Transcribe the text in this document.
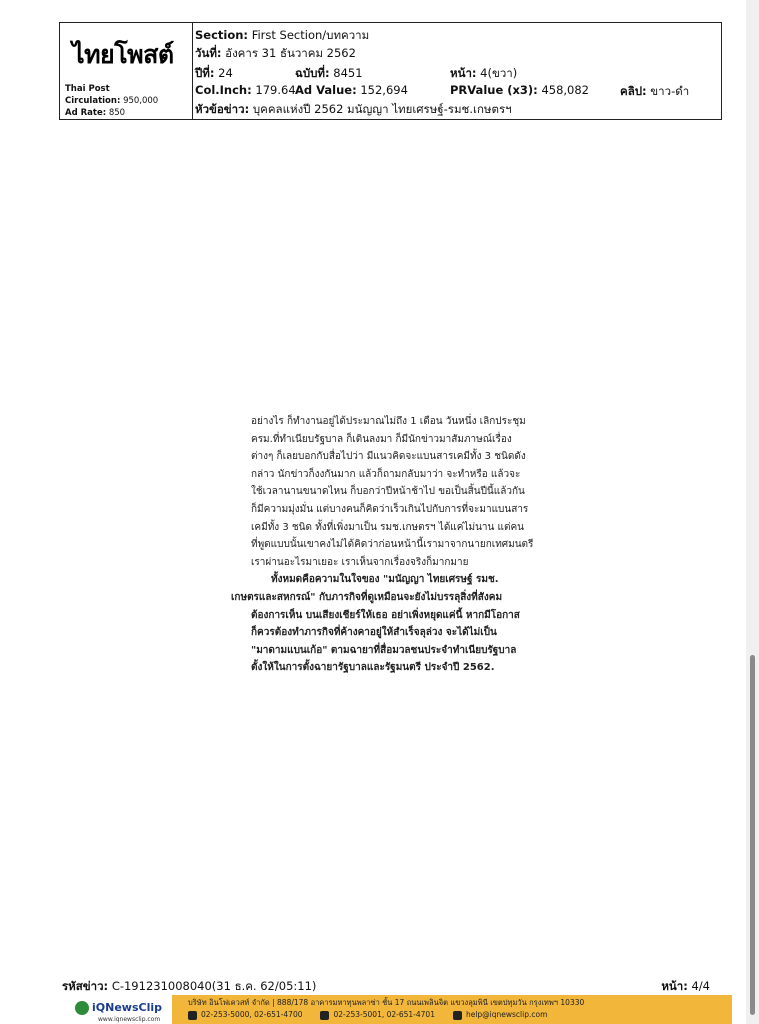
ไทยโพสต์
Thai Post
Circulation: 950,000
Ad Rate: 850
Section: First Section/บทความ
วันที่: อังคาร 31 ธันวาคม 2562
ปีที่: 24	ฉบับที่: 8451	หน้า: 4(ขวา)
Col.Inch: 179.64 Ad Value: 152,694	PRValue (x3): 458,082	คลิป: ขาว-ดำ
หัวข้อข่าว: บุคคลแห่งปี 2562 มนัญญา ไทยเศรษฐ์-รมช.เกษตรฯ
อย่างไร ก็ทำงานอยู่ได้ประมาณไม่ถึง 1 เดือน วันหนึ่ง เลิกประชุม
ครม.ที่ทำเนียบรัฐบาล ก็เดินลงมา ก็มีนักข่าวมาสัมภาษณ์เรื่อง
ต่างๆ ก็เลยบอกกับสื่อไปว่า มีแนวคิดจะแบนสารเคมีทั้ง 3 ชนิดดัง
กล่าว นักข่าวก็งงกันมาก แล้วก็ถามกลับมาว่า จะทำหรือ แล้วจะ
ใช้เวลานานขนาดไหน ก็บอกว่าปีหน้าช้าไป ขอเป็นสิ้นปีนี้แล้วกัน
ก็มีความมุ่งมั่น แต่บางคนก็คิดว่าเร็วเกินไปกับการที่จะมาแบนสาร
เคมีทั้ง 3 ชนิด ทั้งที่เพิ่งมาเป็น รมช.เกษตรฯ ได้แค่ไม่นาน แต่คน
ที่พูดแบบนั้นเขาคงไม่ได้คิดว่าก่อนหน้านี้เรามาจากนายกเทศมนตรี
เราผ่านอะไรมาเยอะ เราเห็นจากเรื่องจริงก็มากมาย
ทั้งหมดคือความในใจของ "มนัญญา ไทยเศรษฐ์ รมช.
เกษตรและสหกรณ์" กับภารกิจที่ดูเหมือนจะยังไม่บรรลุสิ่งที่สังคม
ต้องการเห็น บนเสียงเชียร์ให้เธอ อย่าเพิ่งหยุดแค่นี้ หากมีโอกาส
ก็ควรต้องทำภารกิจที่ค้างคาอยู่ให้สำเร็จลุล่วง จะได้ไม่เป็น
"มาดามแบนเก้อ" ตามฉายาที่สื่อมวลชนประจำทำเนียบรัฐบาล
ตั้งให้ในการตั้งฉายารัฐบาลและรัฐมนตรี ประจำปี 2562.
รหัสข่าว: C-191231008040(31 ธ.ค. 62/05:11)	หน้า: 4/4
iQNewsClip
www.iqnewsclip.com
บริษัท อินโฟเควสท์ จำกัด | 888/178 อาคารมหาทุนพลาซ่า ชั้น 17 ถนนเพลินจิต แขวงลุมพินี เขตปทุมวัน กรุงเทพฯ 10330
02-253-5000, 02-651-4700	02-253-5001, 02-651-4701	help@iqnewsclip.com
